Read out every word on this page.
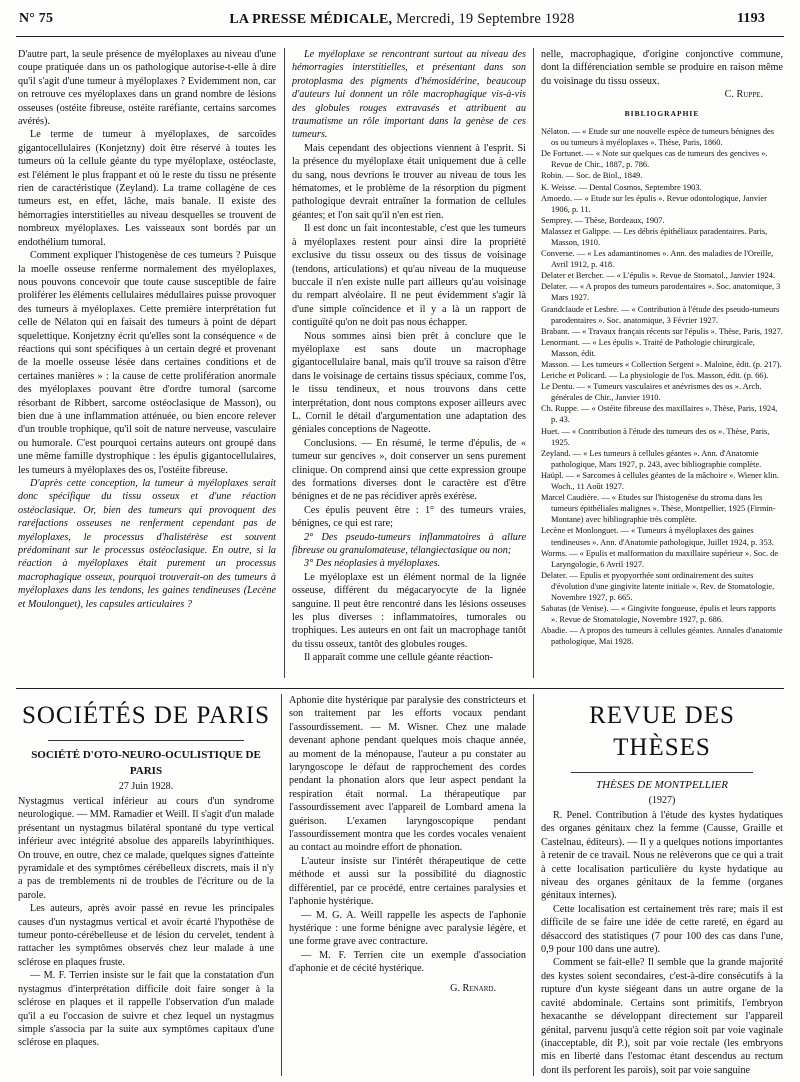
N° 75	LA PRESSE MÉDICALE, Mercredi, 19 Septembre 1928	1193

D'autre part, la seule présence de myéloplaxes au niveau d'une coupe pratiquée dans un os pathologique autorise-t-elle à dire qu'il s'agit d'une tumeur à myéloplaxes ? Evidemment non, car on retrouve ces myéloplaxes dans un grand nombre de lésions osseuses (ostéite fibreuse, ostéite raréfiante, certains sarcomes avérés).

Le terme de tumeur à myéloplaxes, de sarcoïdes gigantocellulaires (Konjetzny) doit être réservé à toutes les tumeurs où la cellule géante du type myéloplaxe, ostéoclaste, est l'élément le plus frappant et où le reste du tissu ne présente rien de caractéristique (Zeyland). La trame collagène de ces tumeurs est, en effet, lâche, mais banale. Il existe des hémorragies interstitielles au niveau desquelles se trouvent de nombreux myéloplaxes. Les vaisseaux sont bordés par un endothélium tumoral.

Comment expliquer l'histogenèse de ces tumeurs ? Puisque la moelle osseuse renferme normalement des myéloplaxes, nous pouvons concevoir que toute cause susceptible de faire proliférer les éléments cellulaires médullaires puisse provoquer des tumeurs à myéloplaxes. Cette première interprétation fut celle de Nélaton qui en faisait des tumeurs à point de départ squelettique. Konjetzny écrit qu'elles sont la conséquence « de réactions qui sont spécifiques à un certain degré et provenant de la moelle osseuse lésée dans certaines conditions et de certaines manières » : la cause de cette prolifération anormale des myéloplaxes pouvant être d'ordre tumoral (sarcome résorbant de Ribbert, sarcome ostéoclasique de Masson), ou bien due à une inflammation atténuée, ou bien encore relever d'un trouble trophique, qu'il soit de nature nerveuse, vasculaire ou humorale. C'est pourquoi certains auteurs ont groupé dans une même famille dystrophique : les épulis gigantocellulaires, les tumeurs à myéloplaxes des os, l'ostéite fibreuse.

D'après cette conception, la tumeur à myéloplaxes serait donc spécifique du tissu osseux et d'une réaction ostéoclasique. Or, bien des tumeurs qui provoquent des raréfactions osseuses ne renferment cependant pas de myéloplaxes, le processus d'halistérèse est souvent prédominant sur le processus ostéoclasique. En outre, si la réaction à myéloplaxes était purement un processus macrophagique osseux, pourquoi trouverait-on des tumeurs à myéloplaxes dans les tendons, les gaines tendineuses (Lecène et Moulonguet), les capsules articulaires ?

Le myéloplaxe se rencontrant surtout au niveau des hémorragies interstitielles, et présentant dans son protoplasma des pigments d'hémosidérine, beaucoup d'auteurs lui donnent un rôle macrophagique vis-à-vis des globules rouges extravasés et attribuent au traumatisme un rôle important dans la genèse de ces tumeurs.

Mais cependant des objections viennent à l'esprit. Si la présence du myéloplaxe était uniquement due à celle du sang, nous devrions le trouver au niveau de tous les hématomes, et le problème de la résorption du pigment pathologique devrait entraîner la formation de cellules géantes; et l'on sait qu'il n'en est rien.

Il est donc un fait incontestable, c'est que les tumeurs à myéloplaxes restent pour ainsi dire la propriété exclusive du tissu osseux ou des tissus de voisinage (tendons, articulations) et qu'au niveau de la muqueuse buccale il n'en existe nulle part ailleurs qu'au voisinage du rempart alvéolaire. Il ne peut évidemment s'agir là d'une simple coïncidence et il y a là un rapport de contiguïté qu'on ne doit pas nous échapper.

Nous sommes ainsi bien prêt à conclure que le myéloplaxe est sans doute un macrophage gigantocellulaire banal, mais qu'il trouve sa raison d'être dans le voisinage de certains tissus spéciaux, comme l'os, le tissu tendineux, et nous trouvons dans cette interprétation, dont nous comptons exposer ailleurs avec L. Cornil le détail d'argumentation une adaptation des géniales conceptions de Nageotte.

Conclusions. — En résumé, le terme d'épulis, de « tumeur sur gencives », doit conserver un sens purement clinique. On comprend ainsi que cette expression groupe des formations diverses dont le caractère est d'être bénignes et de ne pas récidiver après exérèse.

Ces épulis peuvent être : 1° des tumeurs vraies, bénignes, ce qui est rare;

2° Des pseudo-tumeurs inflammatoires à allure fibreuse ou granulomateuse, télangiectasique ou non;

3° Des néoplasies à myéloplaxes.

Le myéloplaxe est un élément normal de la lignée osseuse, différent du mégacaryocyte de la lignée sanguine. Il peut être rencontré dans les lésions osseuses les plus diverses : inflammatoires, tumorales ou trophiques. Les auteurs en ont fait un macrophage tantôt du tissu osseux, tantôt des globules rouges.

Il apparaît comme une cellule géante réaction-

nelle, macrophagique, d'origine conjonctive commune, dont la différenciation semble se produire en raison même du voisinage du tissu osseux.

C. Ruppe.

BIBLIOGRAPHIE

Nélaton. — « Etude sur une nouvelle espèce de tumeurs bénignes des os ou tumeurs à myéloplaxes ». Thèse, Paris, 1860.

De Fortunet. — « Note sur quelques cas de tumeurs des gencives ». Revue de Chir., 1887, p. 786.

Robin. — Soc. de Biol., 1849.

K. Weisse. — Dental Cosmos, Septembre 1903.

Amoedo. — « Etude sur les épulis ». Revue odontologique, Janvier 1906, p. 11.

Semprey. — Thèse, Bordeaux, 1907.

Malassez et Galippe. — Les débris épithéliaux paradentaires. Paris, Masson, 1910.

Converse. — « Les adamantinomes ». Ann. des maladies de l'Oreille, Avril 1912, p. 418.

Delater et Bercher. — « L'épulis ». Revue de Stomatol., Janvier 1924.

Delater. — « A propos des tumeurs parodentaires ». Soc. anatomique, 3 Mars 1927.

Grandclaude et Lesbre. — « Contribution à l'étude des pseudo-tumeurs parodentaires ». Soc. anatomique, 3 Février 1927.

Brabant. — « Travaux français récents sur l'épulis ». Thèse, Paris, 1927.

Lenormant. — « Les épulis ». Traité de Pathologie chirurgicale, Masson, édit.

Masson. — Les tumeurs « Collection Sergent ». Maloine, édit. (p. 217).

Leriche et Policard. — La physiologie de l'os. Masson, édit. (p. 66).

Le Dentu. — « Tumeurs vasculaires et anévrismes des os ». Arch. générales de Chir., Janvier 1910.

Ch. Ruppe. — « Ostéite fibreuse des maxillaires ». Thèse, Paris, 1924, p. 43.

Huet. — « Contribution à l'étude des tumeurs des os ». Thèse, Paris, 1925.

Zeyland. — « Les tumeurs à cellules géantes ». Ann. d'Anatomie pathologique, Mars 1927, p. 243, avec bibliographie complète.

Haüpl. — « Sarcomes à cellules géantes de la mâchoire ». Wiener klin. Woch., 11 Août 1927.

Marcel Caudière. — « Etudes sur l'histogenèse du stroma dans les tumeurs épithéliales malignes ». Thèse, Montpellier, 1925 (Firmin-Montane) avec bibliographie très complète.

Lecène et Monlonguet. — « Tumeurs à myéloplaxes des gaines tendineuses ». Ann. d'Anatomie pathologique, Juillet 1924, p. 353.

Worms. — « Epulis et malformation du maxillaire supérieur ». Soc. de Laryngologie, 6 Avril 1927.

Delater. — Epulis et pyopyorrhée sont ordinairement des suites d'évolution d'une gingivite latente initiale ». Rev. de Stomatologie, Novembre 1927, p. 665.

Sabatas (de Venise). — « Gingivite fongueuse, épulis et leurs rapports ». Revue de Stomatologie, Novembre 1927, p. 686.

Abadie. — A propos des tumeurs à cellules géantes. Annales d'anatomie pathologique, Mai 1928.

SOCIÉTÉS DE PARIS
SOCIÉTÉ D'OTO-NEURO-OCULISTIQUE DE PARIS
27 Juin 1928.

Nystagmus vertical inférieur au cours d'un syndrome neurologique. — MM. Ramadier et Weill. Il s'agit d'un malade présentant un nystagmus bilatéral spontané du type vertical inférieur avec intégrité absolue des appareils labyrinthiques. On trouve, en outre, chez ce malade, quelques signes d'atteinte pyramidale et des symptômes cérébelleux discrets, mais il n'y a pas de tremblements ni de troubles de l'écriture ou de la parole.

Les auteurs, après avoir passé en revue les principales causes d'un nystagmus vertical et avoir écarté l'hypothèse de tumeur ponto-cérébelleuse et de lésion du cervelet, tendent à rattacher les symptômes observés chez leur malade à une sclérose en plaques fruste.

— M. F. Terrien insiste sur le fait que la constatation d'un nystagmus d'interprétation difficile doit faire songer à la sclérose en plaques et il rappelle l'observation d'un malade qu'il a eu l'occasion de suivre et chez lequel un nystagmus simple s'associa par la suite aux symptômes capitaux d'une sclérose en plaques.

Aphonie dite hystérique par paralysie des constricteurs et son traitement par les efforts vocaux pendant l'assourdissement. — M. Wisner. Chez une malade devenant aphone pendant quelques mois chaque année, au moment de la ménopause, l'auteur a pu constater au laryngoscope le défaut de rapprochement des cordes pendant la phonation alors que leur aspect pendant la respiration était normal. La thérapeutique par l'assourdissement avec l'appareil de Lombard amena la guérison. L'examen laryngoscopique pendant l'assourdissement montra que les cordes vocales venaient au contact au moindre effort de phonation.

L'auteur insiste sur l'intérêt thérapeutique de cette méthode et aussi sur la possibilité du diagnostic différentiel, par ce procédé, entre certaines paralysies et l'aphonie hystérique.

— M. G. A. Weill rappelle les aspects de l'aphonie hystérique : une forme bénigne avec paralysie légère, et une forme grave avec contracture.

— M. F. Terrien cite un exemple d'association d'aphonie et de cécité hystérique.

G. Renard.

REVUE DES THÈSES
THÈSES DE MONTPELLIER
(1927)

R. Penel. Contribution à l'étude des kystes hydatiques des organes génitaux chez la femme (Causse, Graille et Castelnau, éditeurs). — Il y a quelques notions importantes à retenir de ce travail. Nous ne relèverons que ce qui a trait à cette localisation particulière du kyste hydatique au niveau des organes génitaux de la femme (organes génitaux internes).

Cette localisation est certainement très rare; mais il est difficile de se faire une idée de cette rareté, en égard au désaccord des statistiques (7 pour 100 des cas dans l'une, 0,9 pour 100 dans une autre).

Comment se fait-elle? Il semble que la grande majorité des kystes soient secondaires, c'est-à-dire consécutifs à la rupture d'un kyste siégeant dans un autre organe de la cavité abdominale. Certains sont primitifs, l'embryon hexacanthe se développant directement sur l'appareil génital, parvenu jusqu'à cette région soit par voie vaginale (inacceptable, dit P.), soit par voie rectale (les embryons mis en liberté dans l'estomac étant descendus au rectum dont ils perforent les parois), soit par voie sanguine
